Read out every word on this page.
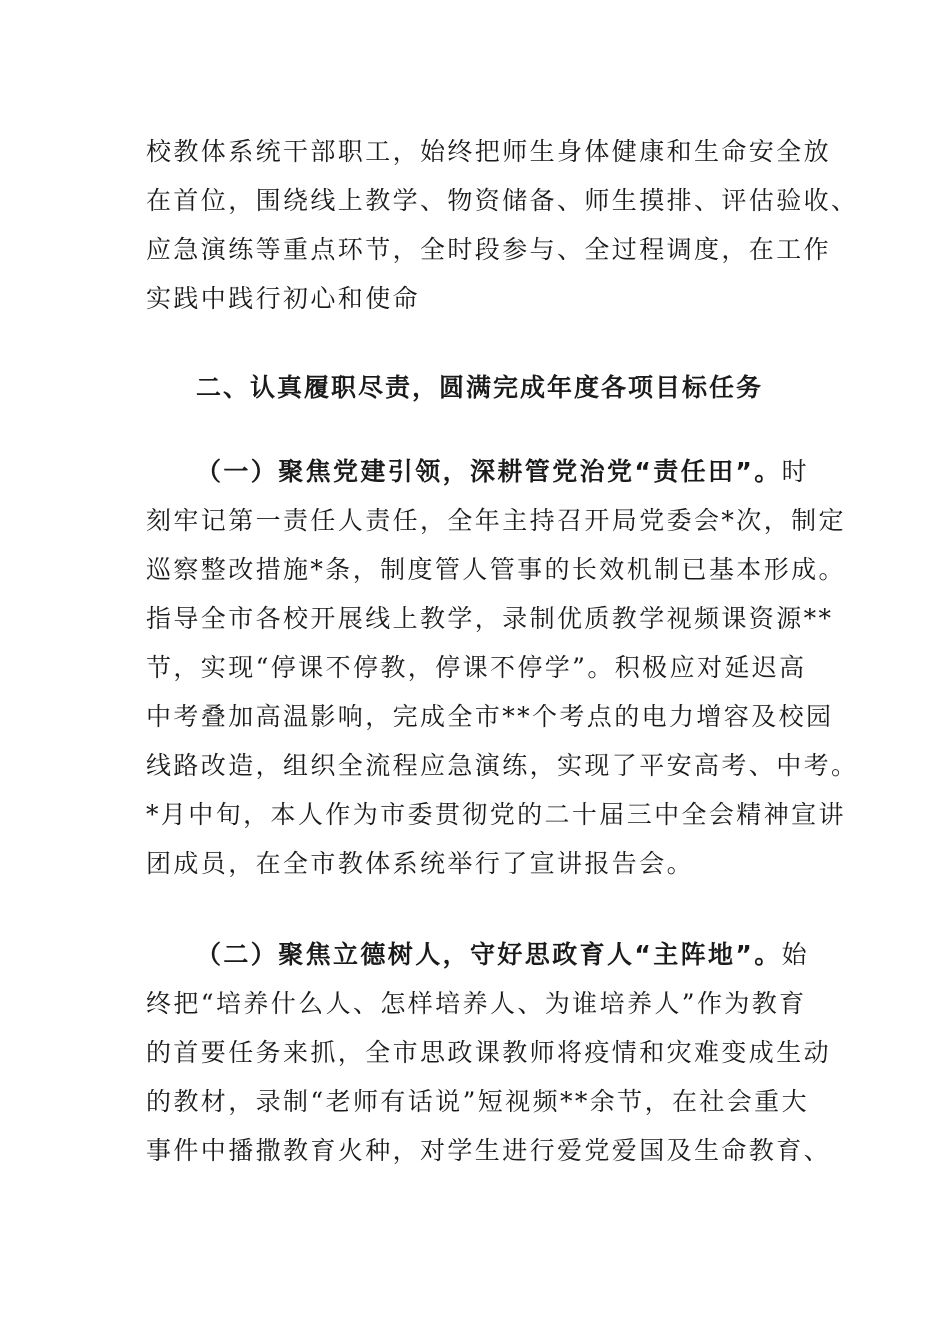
校教体系统干部职工，始终把师生身体健康和生命安全放
在首位，围绕线上教学、物资储备、师生摸排、评估验收、
应急演练等重点环节，全时段参与、全过程调度，在工作
实践中践行初心和使命
二、认真履职尽责，圆满完成年度各项目标任务
（一）聚焦党建引领，深耕管党治党“责任田”。时
刻牢记第一责任人责任，全年主持召开局党委会*次，制定
巡察整改措施*条，制度管人管事的长效机制已基本形成。
指导全市各校开展线上教学，录制优质教学视频课资源**
节，实现“停课不停教，停课不停学”。积极应对延迟高
中考叠加高温影响，完成全市**个考点的电力增容及校园
线路改造，组织全流程应急演练，实现了平安高考、中考。
*月中旬，本人作为市委贯彻党的二十届三中全会精神宣讲
团成员，在全市教体系统举行了宣讲报告会。
（二）聚焦立德树人，守好思政育人“主阵地”。始
终把“培养什么人、怎样培养人、为谁培养人”作为教育
的首要任务来抓，全市思政课教师将疫情和灾难变成生动
的教材，录制“老师有话说”短视频**余节，在社会重大
事件中播撒教育火种，对学生进行爱党爱国及生命教育、
